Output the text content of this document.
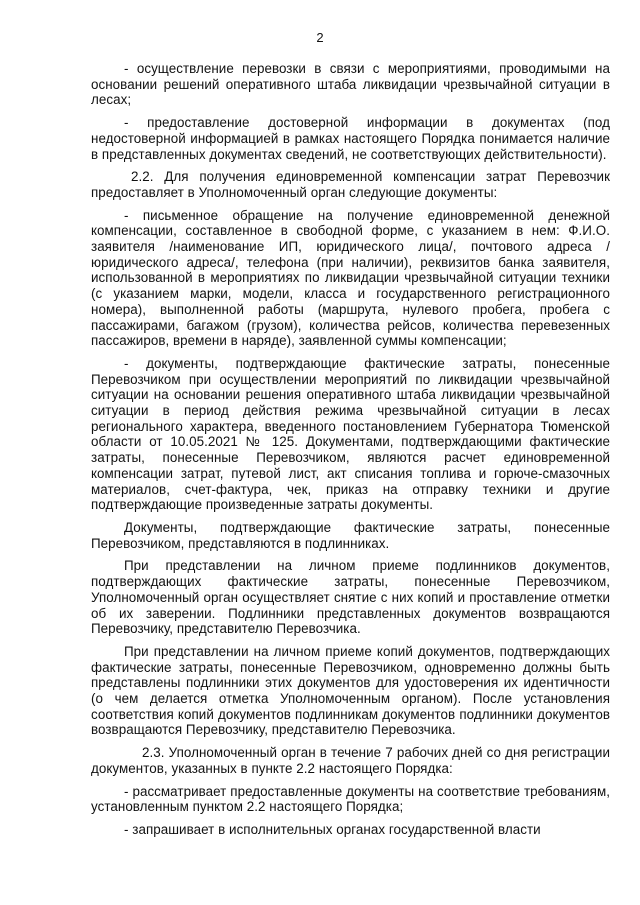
2

- осуществление перевозки в связи с мероприятиями, проводимыми на основании решений оперативного штаба ликвидации чрезвычайной ситуации в лесах;

- предоставление достоверной информации в документах (под недостоверной информацией в рамках настоящего Порядка понимается наличие в представленных документах сведений, не соответствующих действительности).

2.2. Для получения единовременной компенсации затрат Перевозчик предоставляет в Уполномоченный орган следующие документы:

- письменное обращение на получение единовременной денежной компенсации, составленное в свободной форме, с указанием в нем: Ф.И.О. заявителя /наименование ИП, юридического лица/, почтового адреса /юридического адреса/, телефона (при наличии), реквизитов банка заявителя, использованной в мероприятиях по ликвидации чрезвычайной ситуации техники (с указанием марки, модели, класса и государственного регистрационного номера), выполненной работы (маршрута, нулевого пробега, пробега с пассажирами, багажом (грузом), количества рейсов, количества перевезенных пассажиров, времени в наряде), заявленной суммы компенсации;

- документы, подтверждающие фактические затраты, понесенные Перевозчиком при осуществлении мероприятий по ликвидации чрезвычайной ситуации на основании решения оперативного штаба ликвидации чрезвычайной ситуации в период действия режима чрезвычайной ситуации в лесах регионального характера, введенного постановлением Губернатора Тюменской области от 10.05.2021 № 125. Документами, подтверждающими фактические затраты, понесенные Перевозчиком, являются расчет единовременной компенсации затрат, путевой лист, акт списания топлива и горюче-смазочных материалов, счет-фактура, чек, приказ на отправку техники и другие подтверждающие произведенные затраты документы.

Документы, подтверждающие фактические затраты, понесенные Перевозчиком, представляются в подлинниках.

При представлении на личном приеме подлинников документов, подтверждающих фактические затраты, понесенные Перевозчиком, Уполномоченный орган осуществляет снятие с них копий и проставление отметки об их заверении. Подлинники представленных документов возвращаются Перевозчику, представителю Перевозчика.

При представлении на личном приеме копий документов, подтверждающих фактические затраты, понесенные Перевозчиком, одновременно должны быть представлены подлинники этих документов для удостоверения их идентичности (о чем делается отметка Уполномоченным органом). После установления соответствия копий документов подлинникам документов подлинники документов возвращаются Перевозчику, представителю Перевозчика.

2.3. Уполномоченный орган в течение 7 рабочих дней со дня регистрации документов, указанных в пункте 2.2 настоящего Порядка:

- рассматривает предоставленные документы на соответствие требованиям, установленным пунктом 2.2 настоящего Порядка;

- запрашивает в исполнительных органах государственной власти
